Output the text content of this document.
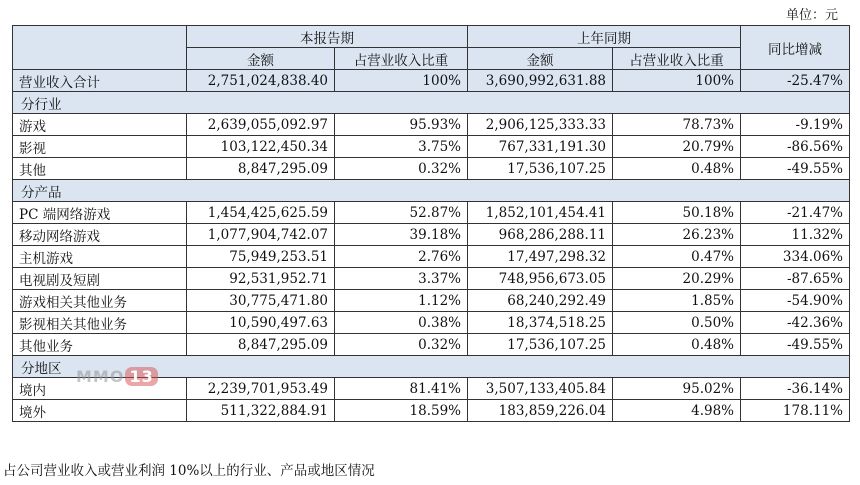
单位：元
	本报告期		上年同期		同比增减
	金额	占营业收入比重	金额	占营业收入比重	
营业收入合计	2,751,024,838.40	100%	3,690,992,631.88	100%	-25.47%
分行业					
游戏	2,639,055,092.97	95.93%	2,906,125,333.33	78.73%	-9.19%
影视	103,122,450.34	3.75%	767,331,191.30	20.79%	-86.56%
其他	8,847,295.09	0.32%	17,536,107.25	0.48%	-49.55%
分产品					
PC 端网络游戏	1,454,425,625.59	52.87%	1,852,101,454.41	50.18%	-21.47%
移动网络游戏	1,077,904,742.07	39.18%	968,286,288.11	26.23%	11.32%
主机游戏	75,949,253.51	2.76%	17,497,298.32	0.47%	334.06%
电视剧及短剧	92,531,952.71	3.37%	748,956,673.05	20.29%	-87.65%
游戏相关其他业务	30,775,471.80	1.12%	68,240,292.49	1.85%	-54.90%
影视相关其他业务	10,590,497.63	0.38%	18,374,518.25	0.50%	-42.36%
其他业务	8,847,295.09	0.32%	17,536,107.25	0.48%	-49.55%
分地区					
境内	2,239,701,953.49	81.41%	3,507,133,405.84	95.02%	-36.14%
境外	511,322,884.91	18.59%	183,859,226.04	4.98%	178.11%
MMO 13
占公司营业收入或营业利润 10%以上的行业、产品或地区情况
